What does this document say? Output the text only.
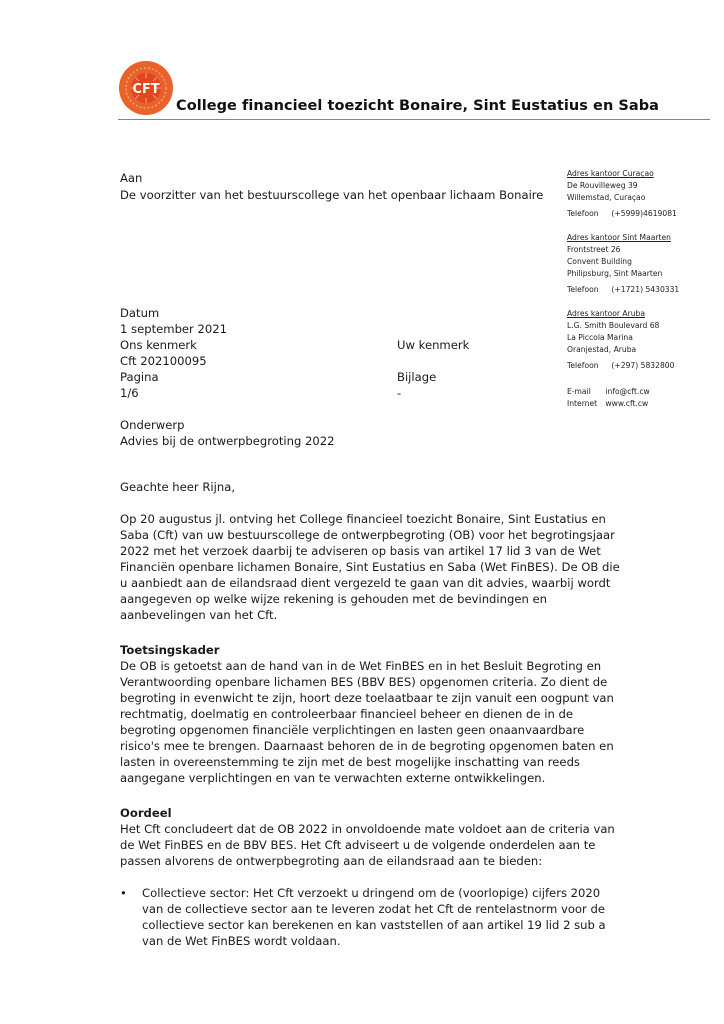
CFT
College financieel toezicht Bonaire, Sint Eustatius en Saba
Aan
De voorzitter van het bestuurscollege van het openbaar lichaam Bonaire
Adres kantoor Curaçao
De Rouvilleweg 39
Willemstad, Curaçao
Telefoon (+5999)4619081
Adres kantoor Sint Maarten
Frontstreet 26
Convent Building
Philipsburg, Sint Maarten
Telefoon (+1721) 5430331
Adres kantoor Aruba
L.G. Smith Boulevard 68
La Piccola Marina
Oranjestad, Aruba
Telefoon (+297) 5832800
E-mail info@cft.cw
Internet www.cft.cw
Datum
1 september 2021
Ons kenmerk
Cft 202100095
Pagina
1/6
Uw kenmerk
Bijlage
-
Onderwerp
Advies bij de ontwerpbegroting 2022

Geachte heer Rijna,

Op 20 augustus jl. ontving het College financieel toezicht Bonaire, Sint Eustatius en Saba (Cft) van uw bestuurscollege de ontwerpbegroting (OB) voor het begrotingsjaar 2022 met het verzoek daarbij te adviseren op basis van artikel 17 lid 3 van de Wet Financiën openbare lichamen Bonaire, Sint Eustatius en Saba (Wet FinBES). De OB die u aanbiedt aan de eilandsraad dient vergezeld te gaan van dit advies, waarbij wordt aangegeven op welke wijze rekening is gehouden met de bevindingen en aanbevelingen van het Cft.

Toetsingskader

De OB is getoetst aan de hand van in de Wet FinBES en in het Besluit Begroting en Verantwoording openbare lichamen BES (BBV BES) opgenomen criteria. Zo dient de begroting in evenwicht te zijn, hoort deze toelaatbaar te zijn vanuit een oogpunt van rechtmatig, doelmatig en controleerbaar financieel beheer en dienen de in de begroting opgenomen financiële verplichtingen en lasten geen onaanvaardbare risico's mee te brengen. Daarnaast behoren de in de begroting opgenomen baten en lasten in overeenstemming te zijn met de best mogelijke inschatting van reeds aangegane verplichtingen en van te verwachten externe ontwikkelingen.

Oordeel

Het Cft concludeert dat de OB 2022 in onvoldoende mate voldoet aan de criteria van de Wet FinBES en de BBV BES. Het Cft adviseert u de volgende onderdelen aan te passen alvorens de ontwerpbegroting aan de eilandsraad aan te bieden:

• Collectieve sector: Het Cft verzoekt u dringend om de (voorlopige) cijfers 2020 van de collectieve sector aan te leveren zodat het Cft de rentelastnorm voor de collectieve sector kan berekenen en kan vaststellen of aan artikel 19 lid 2 sub a van de Wet FinBES wordt voldaan.
